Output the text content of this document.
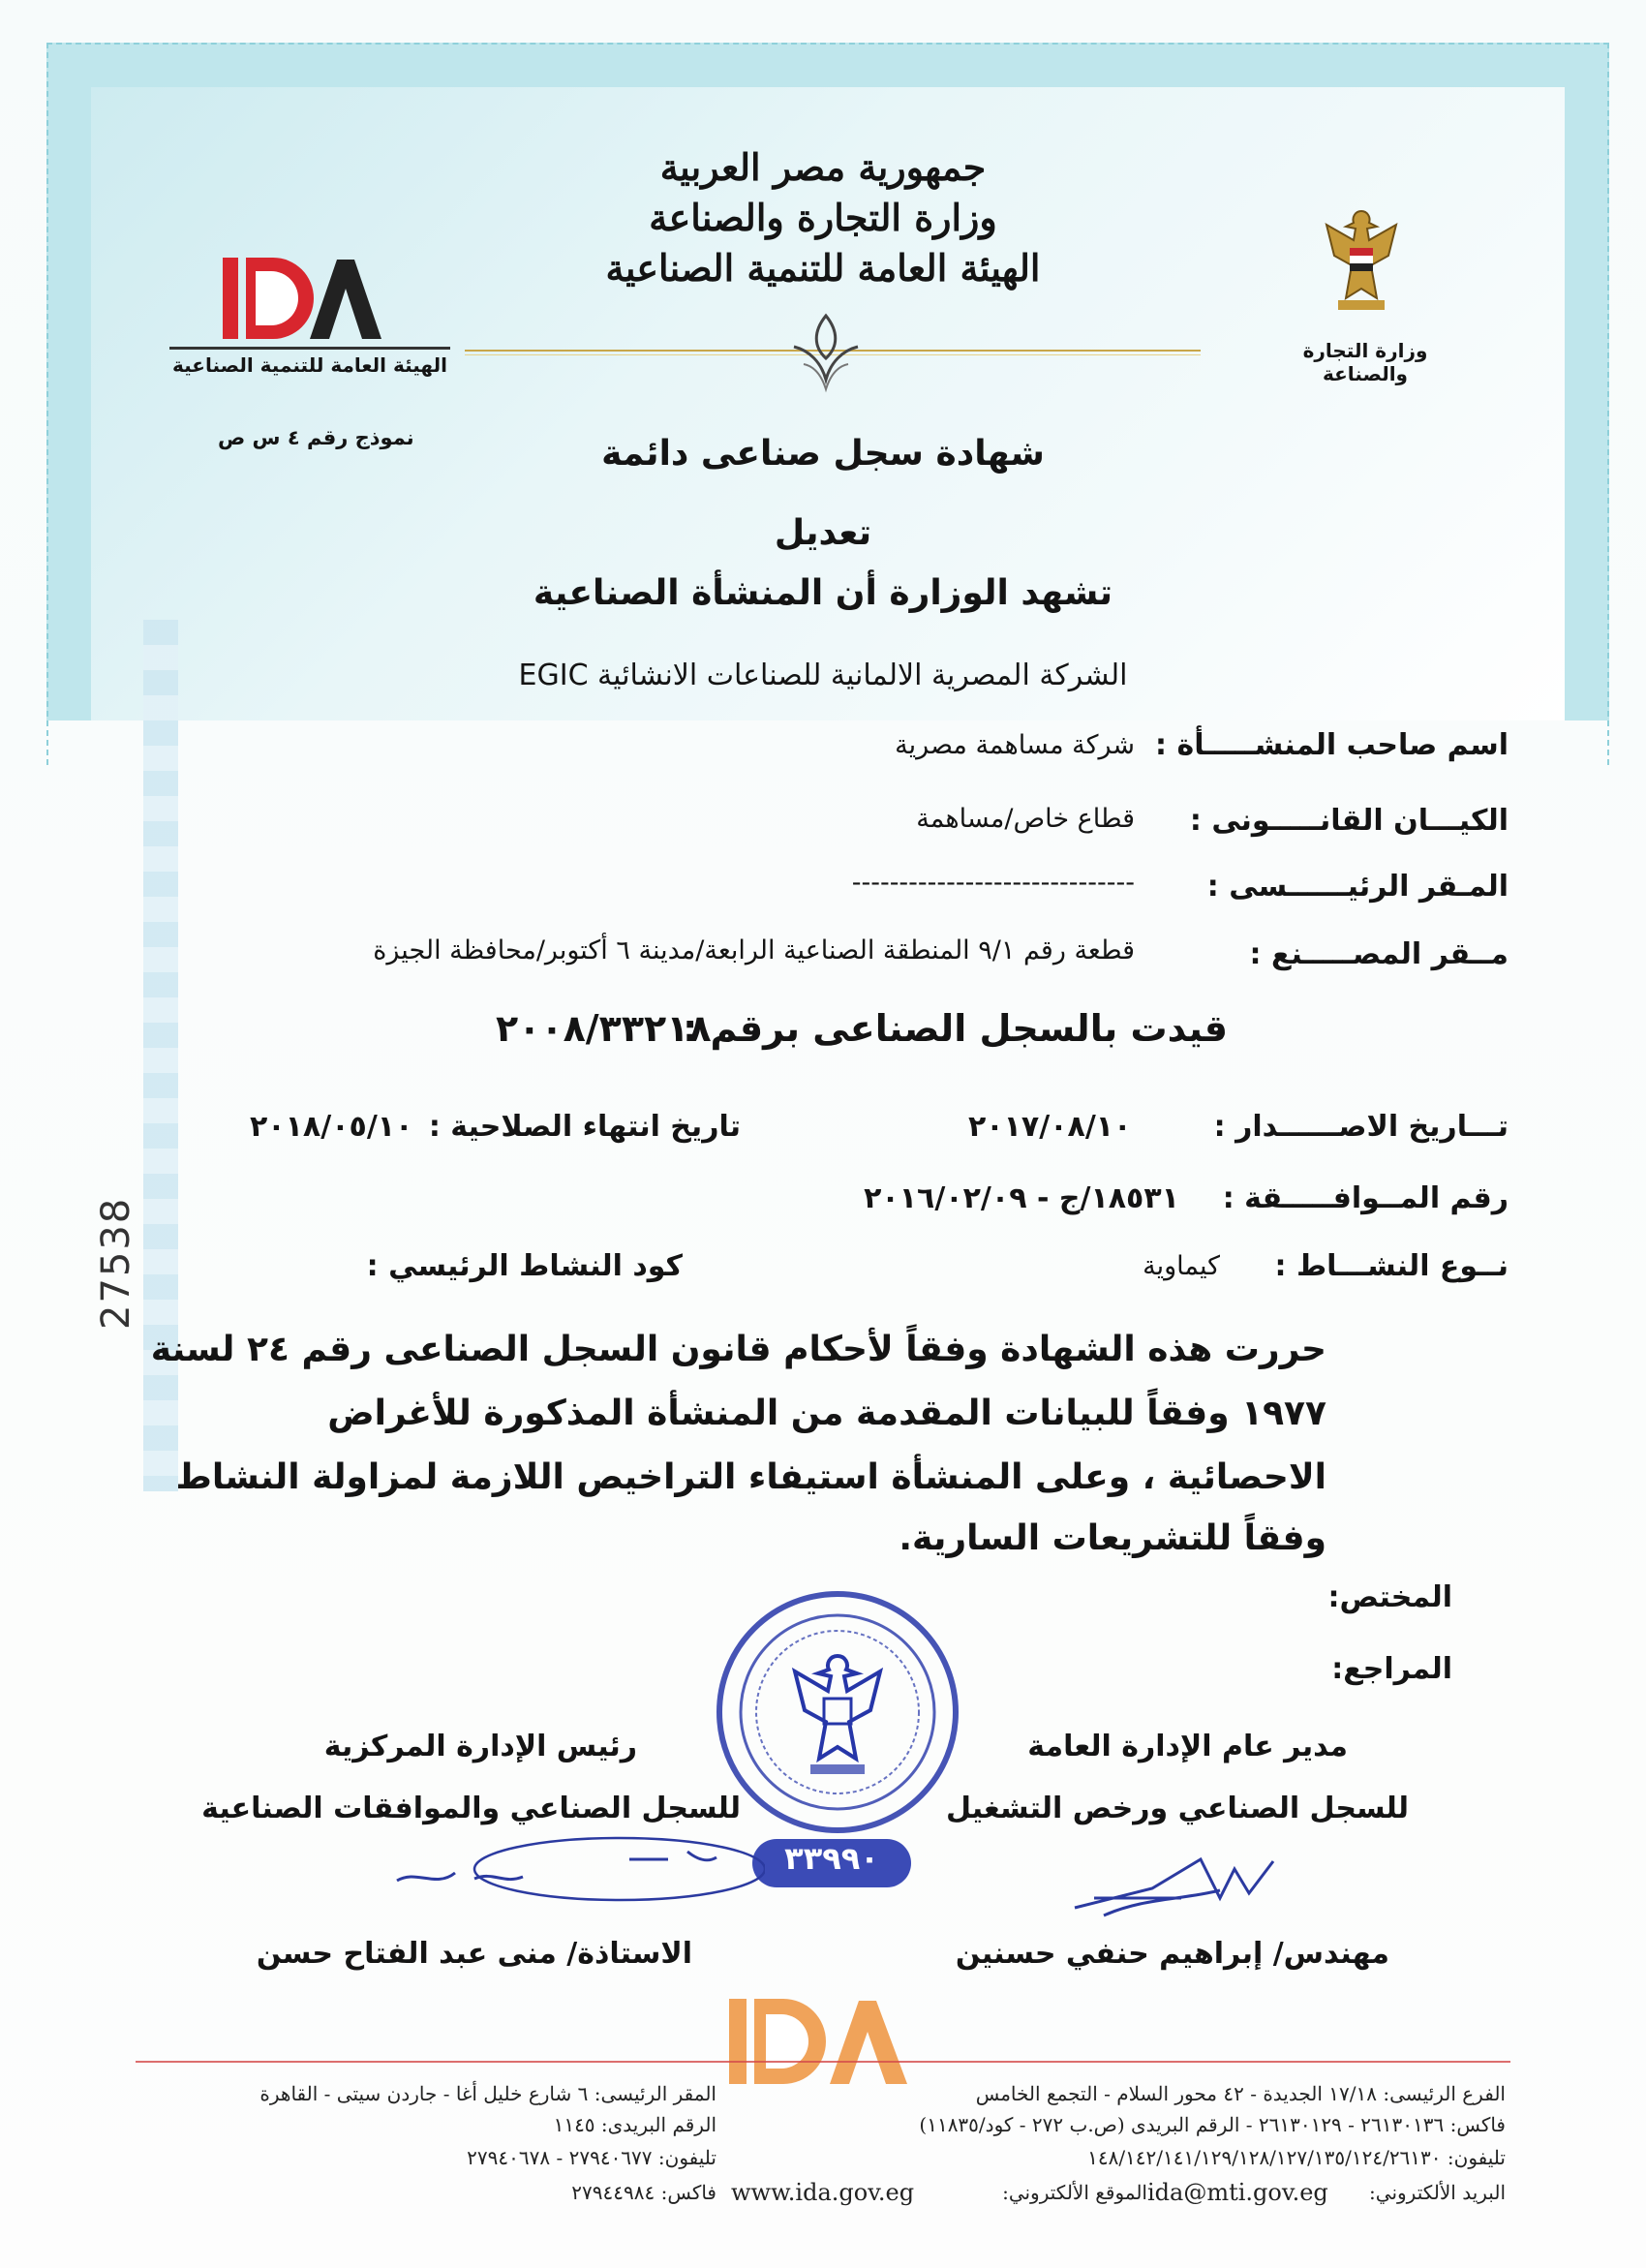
جمهورية مصر العربية
وزارة التجارة والصناعة
الهيئة العامة للتنمية الصناعية
الهيئة العامة للتنمية الصناعية
وزارة التجارة والصناعة
نموذج رقم ٤ س ص	شهادة سجل صناعى دائمة
تعديل
تشهد الوزارة أن المنشأة الصناعية
الشركة المصرية الالمانية للصناعات الانشائية EGIC
اسم صاحب المنشـــــأة :
شركة مساهمة مصرية
الكيـــان القانـــــونى :
قطاع خاص/مساهمة
المـقر الرئيــــــسى :
------------------------------
مــقر المصـــــنع :
قطعة رقم ٩/١ المنطقة الصناعية الرابعة/مدينة ٦ أكتوبر/محافظة الجيزة
قيدت بالسجل الصناعى برقم :
٢٠٠٨/٣٣٢١٨
تـــاريخ الاصــــــدار :
٢٠١٧/٠٨/١٠
تاريخ انتهاء الصلاحية :
٢٠١٨/٠٥/١٠
رقم المــوافـــــقة :
١٨٥٣١/ج - ٢٠١٦/٠٢/٠٩
نــوع النشـــاط :
كيماوية
كود النشاط الرئيسي :
حررت هذه الشهادة وفقاً لأحكام قانون السجل الصناعى رقم ٢٤ لسنة
١٩٧٧ وفقاً للبيانات المقدمة من المنشأة المذكورة للأغراض
الاحصائية ، وعلى المنشأة استيفاء التراخيص اللازمة لمزاولة النشاط
وفقاً للتشريعات السارية.
المختص:
المراجع:
مدير عام الإدارة العامة
للسجل الصناعي ورخص التشغيل
رئيس الإدارة المركزية
للسجل الصناعي والموافقات الصناعية
٣٣٩٩٠
مهندس/ إبراهيم حنفي حسنين
الاستاذة/ منى عبد الفتاح حسن
27538
الفرع الرئيسى: ١٧/١٨ الجديدة - ٤٢ محور السلام - التجمع الخامس
فاكس: ٢٦١٣٠١٣٦ - ٢٦١٣٠١٢٩ - الرقم البريدى (ص.ب ٢٧٢ - كود/١١٨٣٥)
تليفون: ١٤٨/١٤٢/١٤١/١٢٩/١٢٨/١٢٧/١٣٥/١٢٤/٢٦١٣٠
البريد الألكتروني:
ida@mti.gov.eg
الموقع الألكتروني:
www.ida.gov.eg
المقر الرئيسى: ٦ شارع خليل أغا - جاردن سيتى - القاهرة
الرقم البريدى: ١١٤٥
تليفون: ٢٧٩٤٠٦٧٧ - ٢٧٩٤٠٦٧٨
فاكس: ٢٧٩٤٤٩٨٤
